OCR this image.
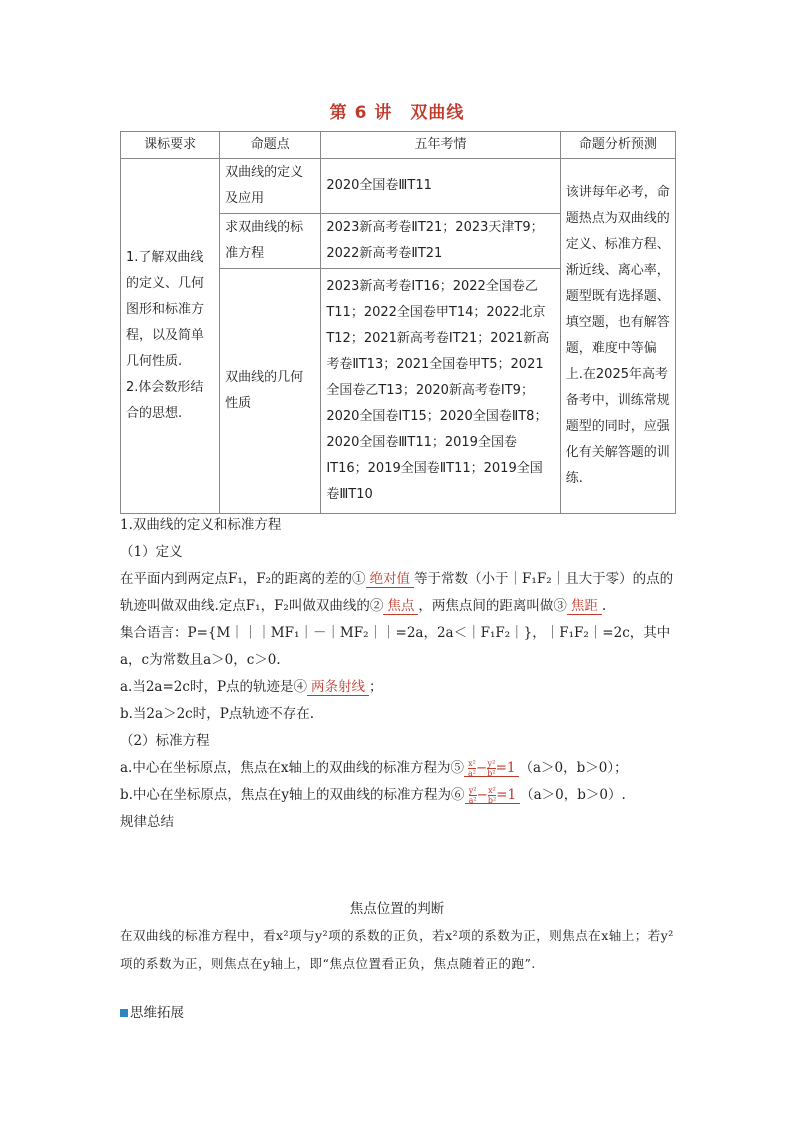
第 6 讲　双曲线
课标要求	命题点	五年考情	命题分析预测
1.了解双曲线的定义、几何图形和标准方程，以及简单几何性质.
2.体会数形结合的思想.	双曲线的定义及应用	2020全国卷ⅢT11	该讲每年必考，命题热点为双曲线的定义、标准方程、渐近线、离心率，题型既有选择题、填空题，也有解答题，难度中等偏上.在2025年高考备考中，训练常规题型的同时，应强化有关解答题的训练.
	求双曲线的标准方程	2023新高考卷ⅡT21；2023天津T9；2022新高考卷ⅡT21	
	双曲线的几何性质	2023新高考卷ⅠT16；2022全国卷乙T11；2022全国卷甲T14；2022北京T12；2021新高考卷ⅠT21；2021新高考卷ⅡT13；2021全国卷甲T5；2021全国卷乙T13；2020新高考卷ⅠT9；2020全国卷ⅠT15；2020全国卷ⅡT8；2020全国卷ⅢT11；2019全国卷ⅠT16；2019全国卷ⅡT11；2019全国卷ⅢT10	
1.双曲线的定义和标准方程
（1）定义
在平面内到两定点F₁，F₂的距离的差的① 绝对值 等于常数（小于｜F₁F₂｜且大于零）的点的轨迹叫做双曲线.定点F₁，F₂叫做双曲线的② 焦点 ，两焦点间的距离叫做③ 焦距 .
集合语言：P={M｜｜｜MF₁｜－｜MF₂｜｜=2a，2a＜｜F₁F₂｜}，｜F₁F₂｜=2c，其中a，c为常数且a＞0，c＞0.
a.当2a=2c时，P点的轨迹是④ 两条射线 ；
b.当2a＞2c时，P点轨迹不存在.
（2）标准方程
a.中心在坐标原点，焦点在x轴上的双曲线的标准方程为⑤ $\frac{\text{x²}}{\text{a²}} - \frac{\text{y²}}{\text{b²}} =1$ （a＞0，b＞0）；
b.中心在坐标原点，焦点在y轴上的双曲线的标准方程为⑥ $\frac{\text{y²}}{\text{a²}} - \frac{\text{x²}}{\text{b²}} =1$ （a＞0，b＞0）.
规律总结
焦点位置的判断
在双曲线的标准方程中，看x²项与y²项的系数的正负，若x²项的系数为正，则焦点在x轴上；若y²项的系数为正，则焦点在y轴上，即“焦点位置看正负，焦点随着正的跑”.
思维拓展
